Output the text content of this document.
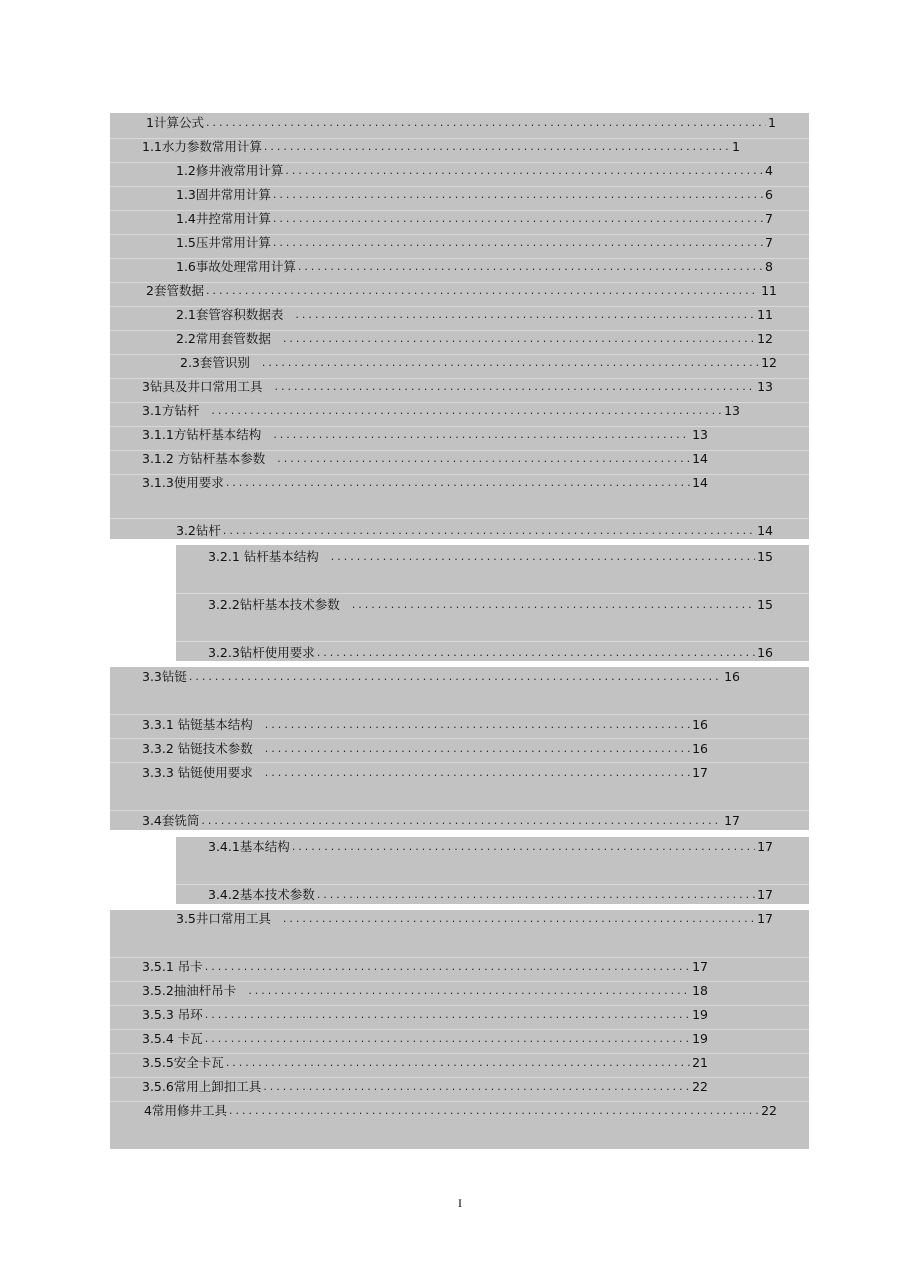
1计算公式 .....	1
1.1水力参数常用计算 .....	1
1.2修井液常用计算 .....	4
1.3固井常用计算 .....	6
1.4井控常用计算 .....	7
1.5压井常用计算 .....	7
1.6事故处理常用计算 .....	8
2套管数据 .....	11
2.1套管容积数据表 .....	11
2.2常用套管数据 .....	12
2.3套管识别 .....	12
3钻具及井口常用工具 .....	13
3.1方钻杆 .....	13
3.1.1方钻杆基本结构 .....	13
3.1.2 方钻杆基本参数 .....	14
3.1.3使用要求 .....	14
3.2钻杆 .....	14
3.2.1 钻杆基本结构 .....	15
3.2.2钻杆基本技术参数 .....	15
3.2.3钻杆使用要求 .....	16
3.3钻铤 .....	16
3.3.1 钻铤基本结构 .....	16
3.3.2 钻铤技术参数 .....	16
3.3.3 钻铤使用要求 .....	17
3.4套铣筒 .....	17
3.4.1基本结构 .....	17
3.4.2基本技术参数 .....	17
3.5井口常用工具 .....	17
3.5.1 吊卡 .....	17
3.5.2抽油杆吊卡 .....	18
3.5.3 吊环 .....	19
3.5.4 卡瓦 .....	19
3.5.5安全卡瓦 .....	21
3.5.6常用上卸扣工具 .....	22
4常用修井工具 .....	22
I
